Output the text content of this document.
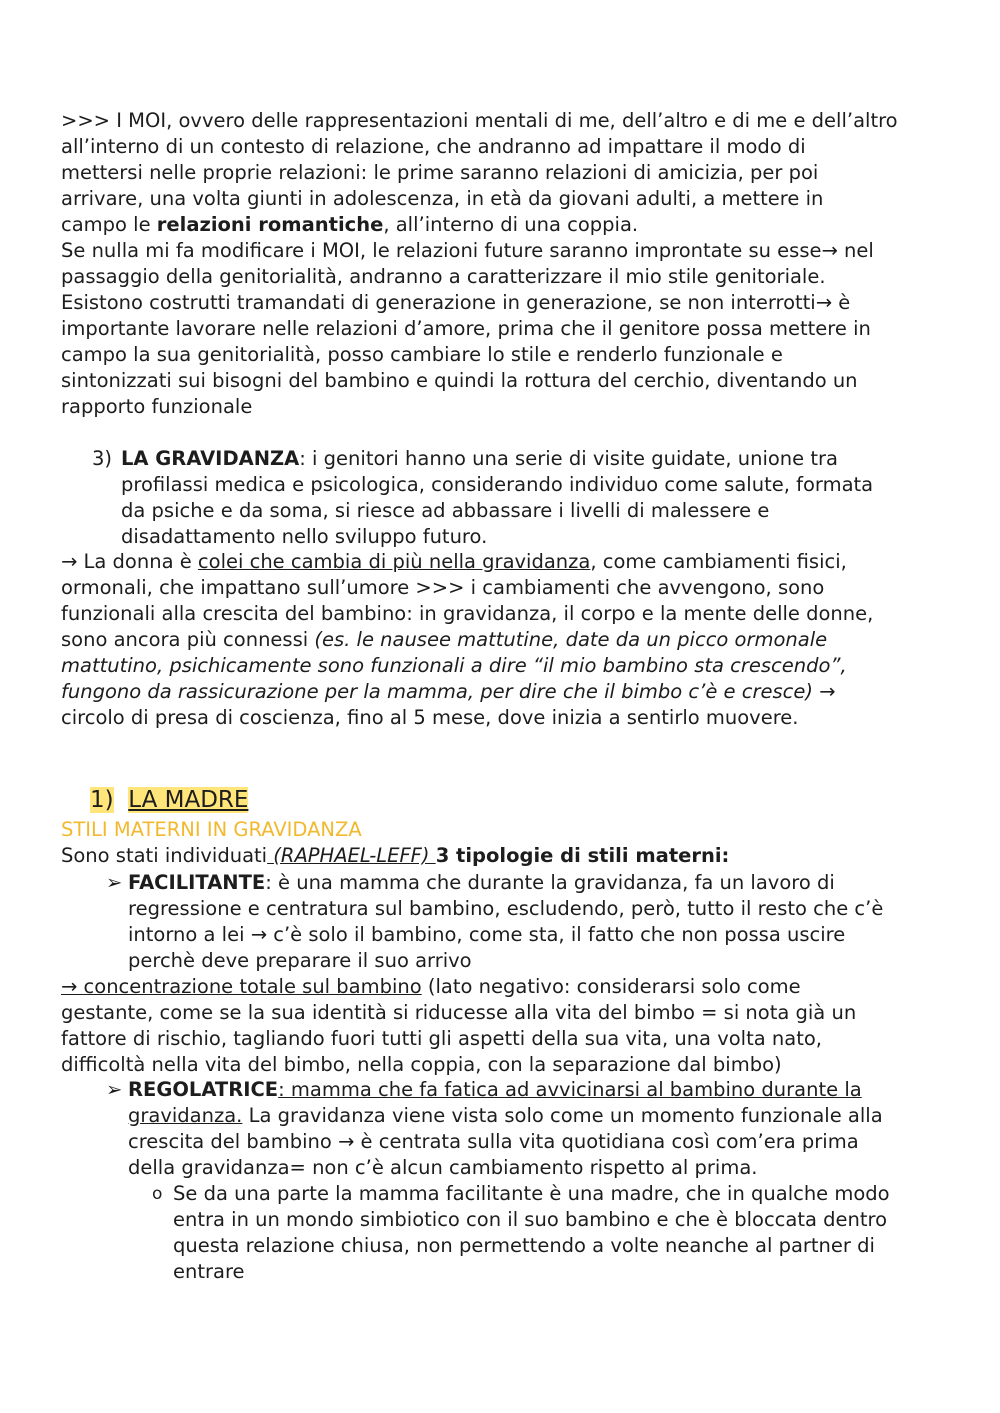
>>> I MOI, ovvero delle rappresentazioni mentali di me, dell’altro e di me e dell’altro
all’interno di un contesto di relazione, che andranno ad impattare il modo di
mettersi nelle proprie relazioni: le prime saranno relazioni di amicizia, per poi
arrivare, una volta giunti in adolescenza, in età da giovani adulti, a mettere in
campo le relazioni romantiche, all’interno di una coppia.
Se nulla mi fa modificare i MOI, le relazioni future saranno improntate su esse→ nel
passaggio della genitorialità, andranno a caratterizzare il mio stile genitoriale.
Esistono costrutti tramandati di generazione in generazione, se non interrotti→ è
importante lavorare nelle relazioni d’amore, prima che il genitore possa mettere in
campo la sua genitorialità, posso cambiare lo stile e renderlo funzionale e
sintonizzati sui bisogni del bambino e quindi la rottura del cerchio, diventando un
rapporto funzionale
3) LA GRAVIDANZA: i genitori hanno una serie di visite guidate, unione tra
profilassi medica e psicologica, considerando individuo come salute, formata
da psiche e da soma, si riesce ad abbassare i livelli di malessere e
disadattamento nello sviluppo futuro.
→ La donna è colei che cambia di più nella gravidanza, come cambiamenti fisici,
ormonali, che impattano sull’umore >>> i cambiamenti che avvengono, sono
funzionali alla crescita del bambino: in gravidanza, il corpo e la mente delle donne,
sono ancora più connessi (es. le nausee mattutine, date da un picco ormonale
mattutino, psichicamente sono funzionali a dire “il mio bambino sta crescendo”,
fungono da rassicurazione per la mamma, per dire che il bimbo c’è e cresce) →
circolo di presa di coscienza, fino al 5 mese, dove inizia a sentirlo muovere.
1) LA MADRE
STILI MATERNI IN GRAVIDANZA
Sono stati individuati (RAPHAEL-LEFF) 3 tipologie di stili materni:
➢ FACILITANTE: è una mamma che durante la gravidanza, fa un lavoro di
regressione e centratura sul bambino, escludendo, però, tutto il resto che c’è
intorno a lei → c’è solo il bambino, come sta, il fatto che non possa uscire
perchè deve preparare il suo arrivo
→ concentrazione totale sul bambino (lato negativo: considerarsi solo come
gestante, come se la sua identità si riducesse alla vita del bimbo = si nota già un
fattore di rischio, tagliando fuori tutti gli aspetti della sua vita, una volta nato,
difficoltà nella vita del bimbo, nella coppia, con la separazione dal bimbo)
➢ REGOLATRICE: mamma che fa fatica ad avvicinarsi al bambino durante la
gravidanza. La gravidanza viene vista solo come un momento funzionale alla
crescita del bambino → è centrata sulla vita quotidiana così com’era prima
della gravidanza= non c’è alcun cambiamento rispetto al prima.
o Se da una parte la mamma facilitante è una madre, che in qualche modo
entra in un mondo simbiotico con il suo bambino e che è bloccata dentro
questa relazione chiusa, non permettendo a volte neanche al partner di
entrare
